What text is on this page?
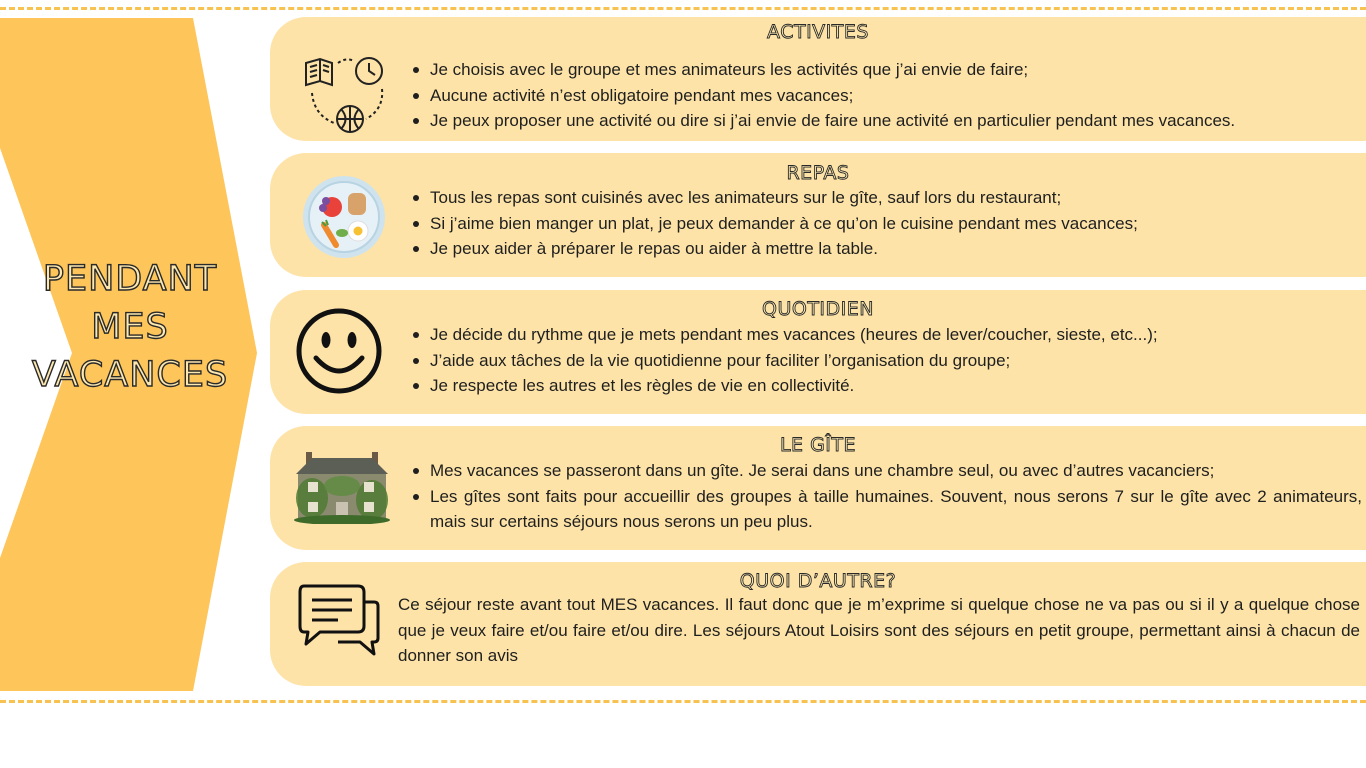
PENDANT
MES
VACANCES
ACTIVITES
Je choisis avec le groupe et mes animateurs les activités que j’ai envie de faire;
Aucune activité n’est obligatoire pendant mes vacances;
Je peux proposer une activité ou dire si j’ai envie de faire une activité en particulier pendant mes vacances.
REPAS
Tous les repas sont cuisinés avec les animateurs sur le gîte, sauf lors du restaurant;
Si j’aime bien manger un plat, je peux demander à ce qu’on le cuisine pendant mes vacances;
Je peux aider à préparer le repas ou aider à mettre la table.
QUOTIDIEN
Je décide du rythme que je mets pendant mes vacances (heures de lever/coucher, sieste, etc...);
J’aide aux tâches de la vie quotidienne pour faciliter l’organisation du groupe;
Je respecte les autres et les règles de vie en collectivité.
LE GÎTE
Mes vacances se passeront dans un gîte. Je serai dans une chambre seul, ou avec d’autres vacanciers;
Les gîtes sont faits pour accueillir des groupes à taille humaines. Souvent, nous serons 7 sur le gîte avec 2 animateurs, mais sur certains séjours nous serons un peu plus.
QUOI D’AUTRE?

Ce séjour reste avant tout MES vacances. Il faut donc que je m’exprime si quelque chose ne va pas ou si il y a quelque chose que je veux faire et/ou faire et/ou dire. Les séjours Atout Loisirs sont des séjours en petit groupe, permettant ainsi à chacun de donner son avis
